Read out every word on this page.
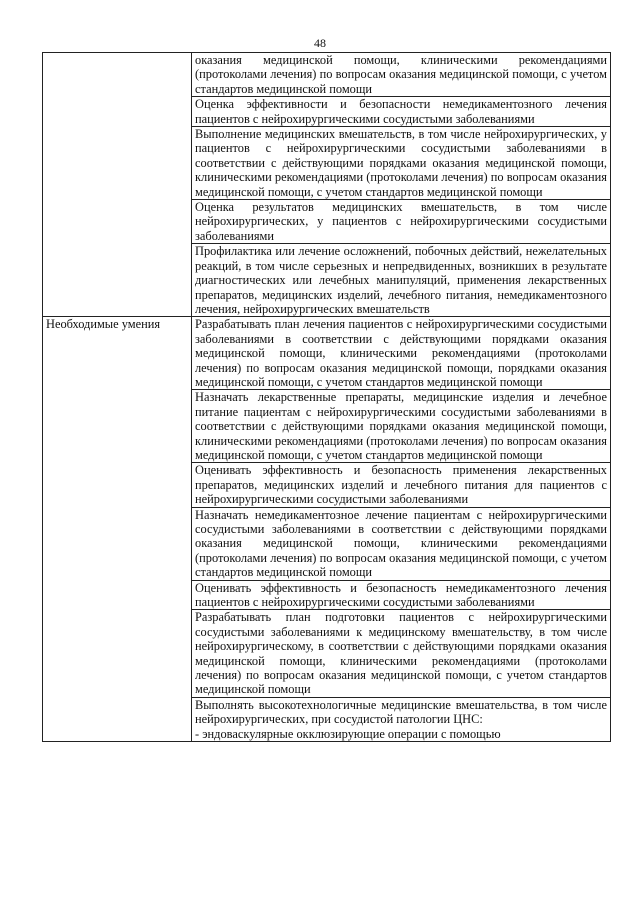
48
	оказания медицинской помощи, клиническими рекомендациями (протоколами лечения) по вопросам оказания медицинской помощи, с учетом стандартов медицинской помощи
	Оценка эффективности и безопасности немедикаментозного лечения пациентов с нейрохирургическими сосудистыми заболеваниями
	Выполнение медицинских вмешательств, в том числе нейрохирургических, у пациентов с нейрохирургическими сосудистыми заболеваниями в соответствии с действующими порядками оказания медицинской помощи, клиническими рекомендациями (протоколами лечения) по вопросам оказания медицинской помощи, с учетом стандартов медицинской помощи
	Оценка результатов медицинских вмешательств, в том числе нейрохирургических, у пациентов с нейрохирургическими сосудистыми заболеваниями
	Профилактика или лечение осложнений, побочных действий, нежелательных реакций, в том числе серьезных и непредвиденных, возникших в результате диагностических или лечебных манипуляций, применения лекарственных препаратов, медицинских изделий, лечебного питания, немедикаментозного лечения, нейрохирургических вмешательств
Необходимые умения	Разрабатывать план лечения пациентов с нейрохирургическими сосудистыми заболеваниями в соответствии с действующими порядками оказания медицинской помощи, клиническими рекомендациями (протоколами лечения) по вопросам оказания медицинской помощи, порядками оказания медицинской помощи, с учетом стандартов медицинской помощи
	Назначать лекарственные препараты, медицинские изделия и лечебное питание пациентам с нейрохирургическими сосудистыми заболеваниями в соответствии с действующими порядками оказания медицинской помощи, клиническими рекомендациями (протоколами лечения) по вопросам оказания медицинской помощи, с учетом стандартов медицинской помощи
	Оценивать эффективность и безопасность применения лекарственных препаратов, медицинских изделий и лечебного питания для пациентов с нейрохирургическими сосудистыми заболеваниями
	Назначать немедикаментозное лечение пациентам с нейрохирургическими сосудистыми заболеваниями в соответствии с действующими порядками оказания медицинской помощи, клиническими рекомендациями (протоколами лечения) по вопросам оказания медицинской помощи, с учетом стандартов медицинской помощи
	Оценивать эффективность и безопасность немедикаментозного лечения пациентов с нейрохирургическими сосудистыми заболеваниями
	Разрабатывать план подготовки пациентов с нейрохирургическими сосудистыми заболеваниями к медицинскому вмешательству, в том числе нейрохирургическому, в соответствии с действующими порядками оказания медицинской помощи, клиническими рекомендациями (протоколами лечения) по вопросам оказания медицинской помощи, с учетом стандартов медицинской помощи

	Выполнять высокотехнологичные медицинские вмешательства, в том числе нейрохирургических, при сосудистой патологии ЦНС:
- эндоваскулярные окклюзирующие операции с помощью
